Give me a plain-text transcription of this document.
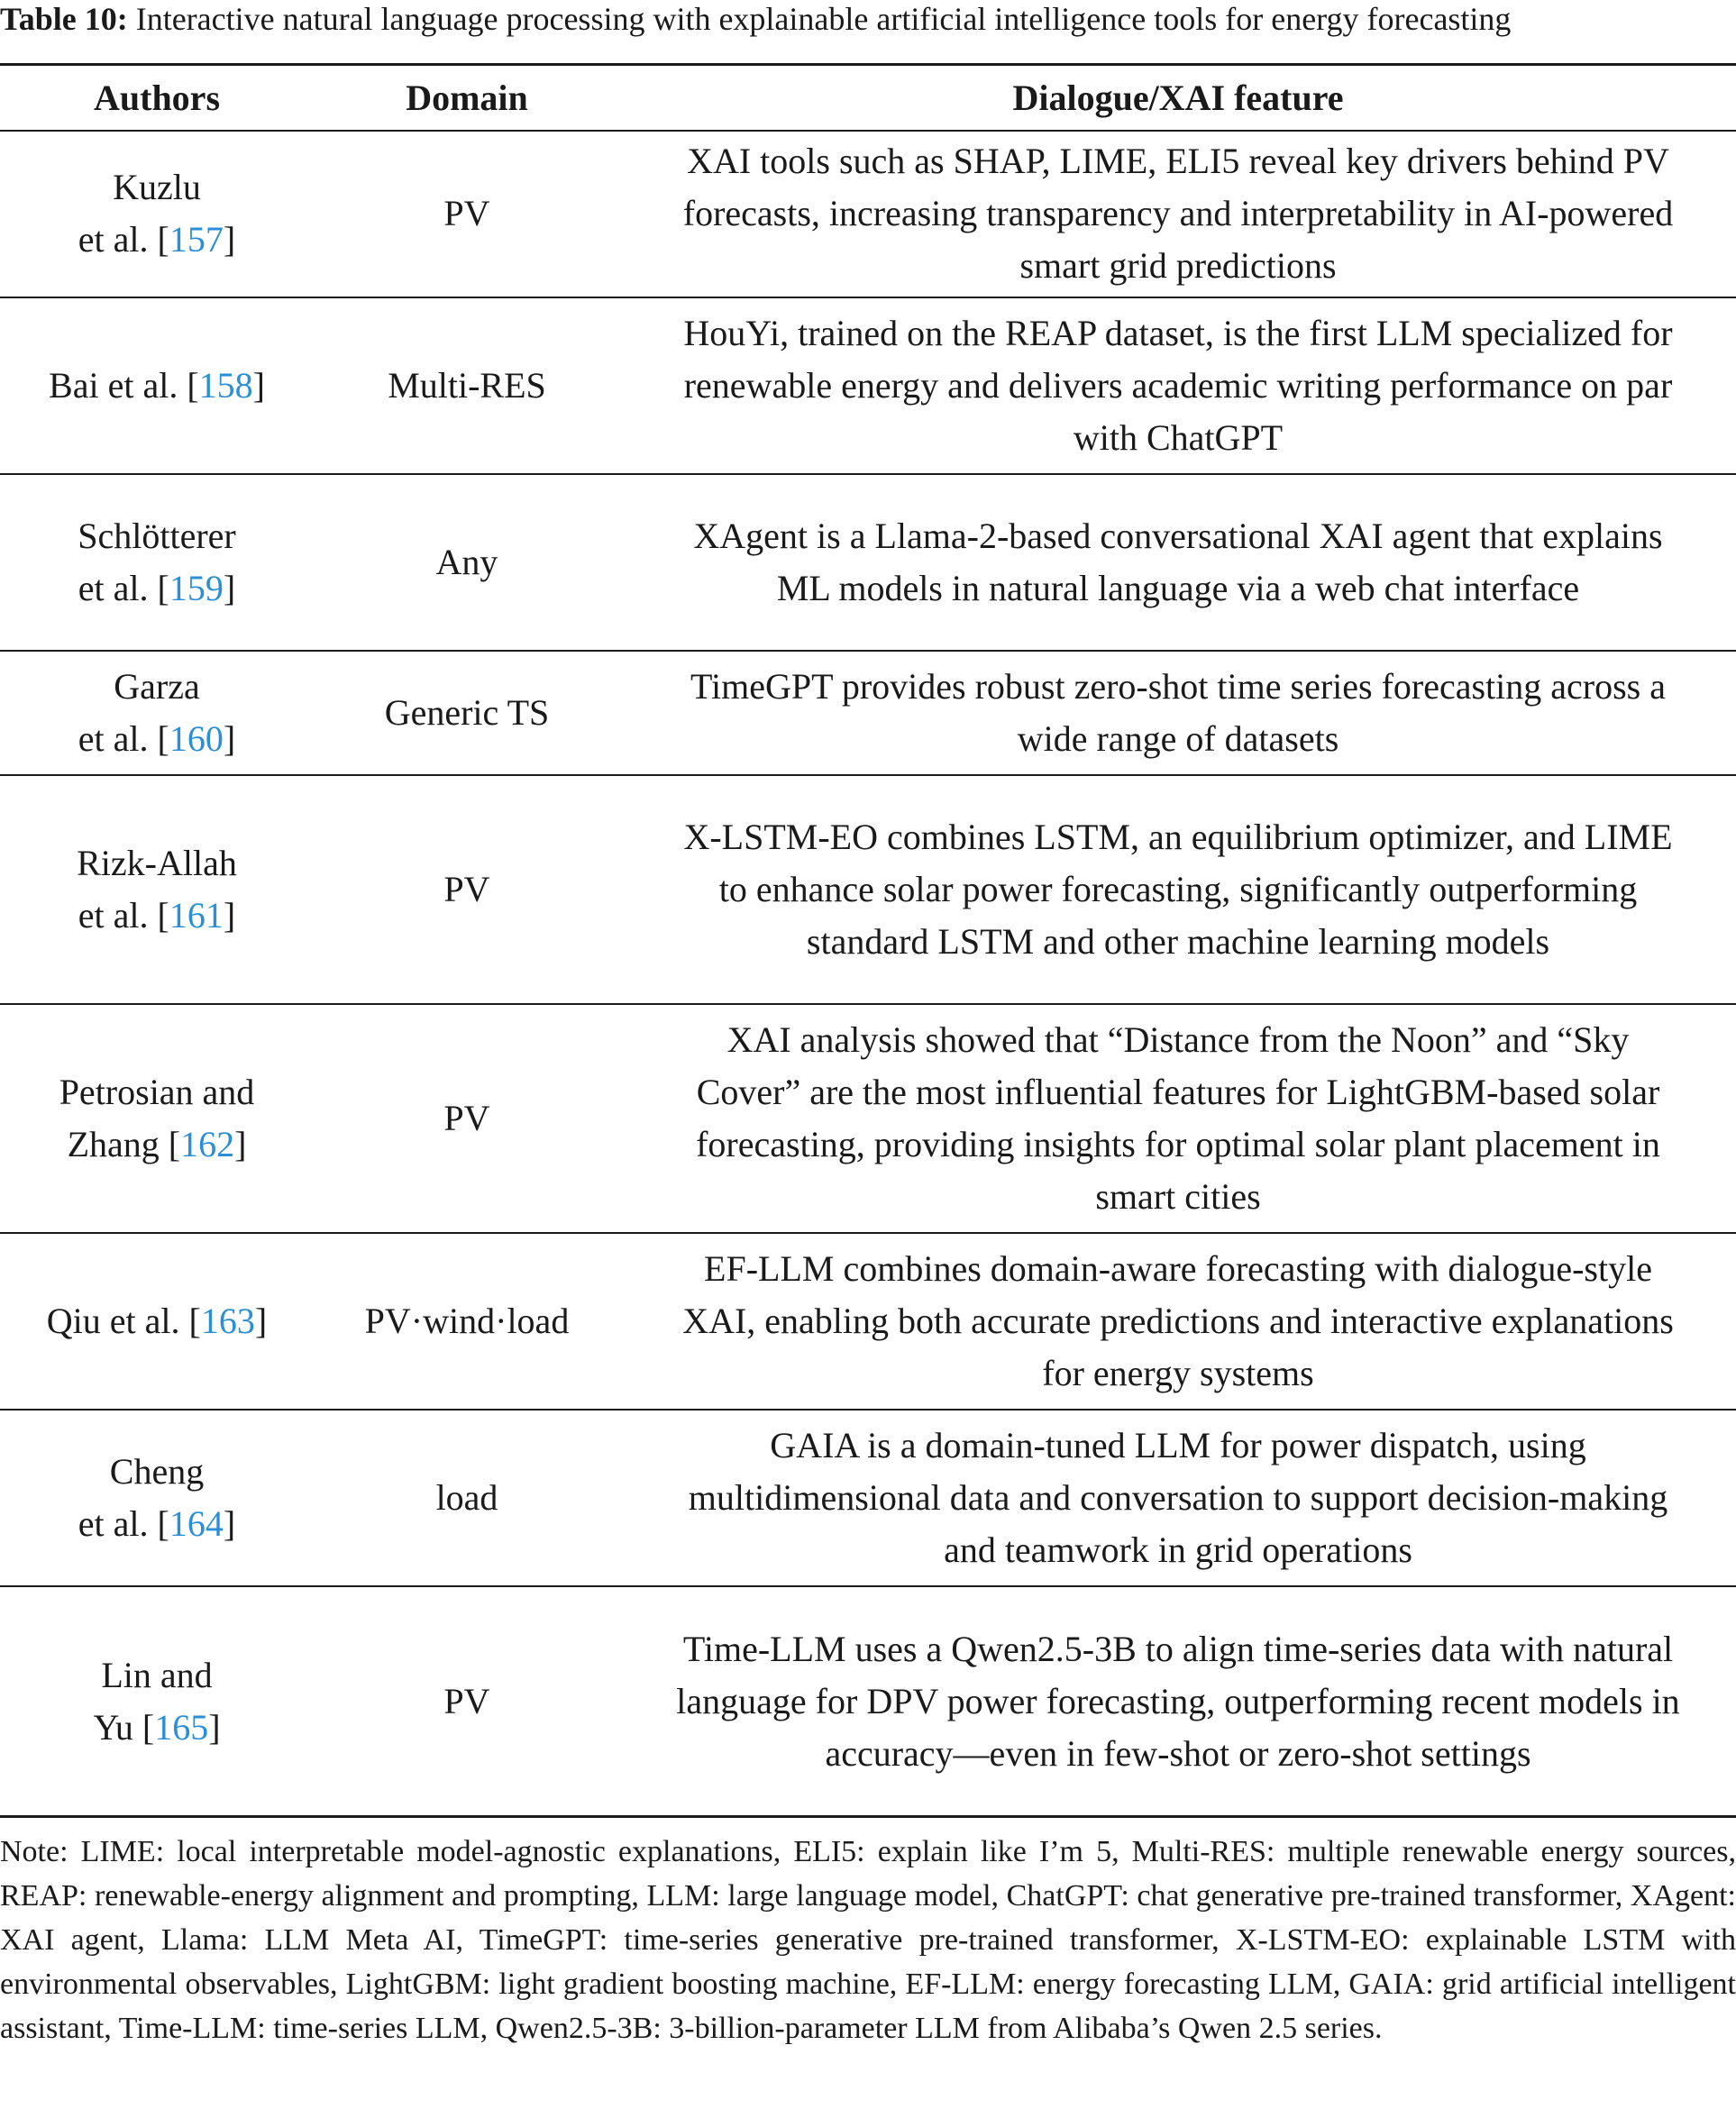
Table 10: Interactive natural language processing with explainable artificial intelligence tools for energy forecasting
Authors	Domain	Dialogue/XAI feature
Kuzlu
et al. [157]	PV	XAI tools such as SHAP, LIME, ELI5 reveal key drivers behind PV forecasts, increasing transparency and interpretability in AI-powered smart grid predictions
Bai et al. [158]	Multi-RES	HouYi, trained on the REAP dataset, is the first LLM specialized for renewable energy and delivers academic writing performance on par with ChatGPT
Schlötterer
et al. [159]	Any	XAgent is a Llama-2-based conversational XAI agent that explains ML models in natural language via a web chat interface
Garza
et al. [160]	Generic TS	TimeGPT provides robust zero-shot time series forecasting across a wide range of datasets
Rizk-Allah
et al. [161]	PV	X-LSTM-EO combines LSTM, an equilibrium optimizer, and LIME to enhance solar power forecasting, significantly outperforming standard LSTM and other machine learning models
Petrosian and
Zhang [162]	PV	XAI analysis showed that “Distance from the Noon” and “Sky Cover” are the most influential features for LightGBM-based solar forecasting, providing insights for optimal solar plant placement in smart cities
Qiu et al. [163]	PV·wind·load	EF-LLM combines domain-aware forecasting with dialogue-style XAI, enabling both accurate predictions and interactive explanations for energy systems
Cheng
et al. [164]	load	GAIA is a domain-tuned LLM for power dispatch, using multidimensional data and conversation to support decision-making and teamwork in grid operations
Lin and
Yu [165]	PV	Time-LLM uses a Qwen2.5-3B to align time-series data with natural language for DPV power forecasting, outperforming recent models in accuracy—even in few-shot or zero-shot settings
Note: LIME: local interpretable model-agnostic explanations, ELI5: explain like I’m 5, Multi-RES: multiple renewable energy sources, REAP: renewable-energy alignment and prompting, LLM: large language model, ChatGPT: chat generative pre-trained transformer, XAgent: XAI agent, Llama: LLM Meta AI, TimeGPT: time-series generative pre-trained transformer, X-LSTM-EO: explainable LSTM with environmental observables, LightGBM: light gradient boosting machine, EF-LLM: energy forecasting LLM, GAIA: grid artificial intelligent assistant, Time-LLM: time-series LLM, Qwen2.5-3B: 3-billion-parameter LLM from Alibaba’s Qwen 2.5 series.
